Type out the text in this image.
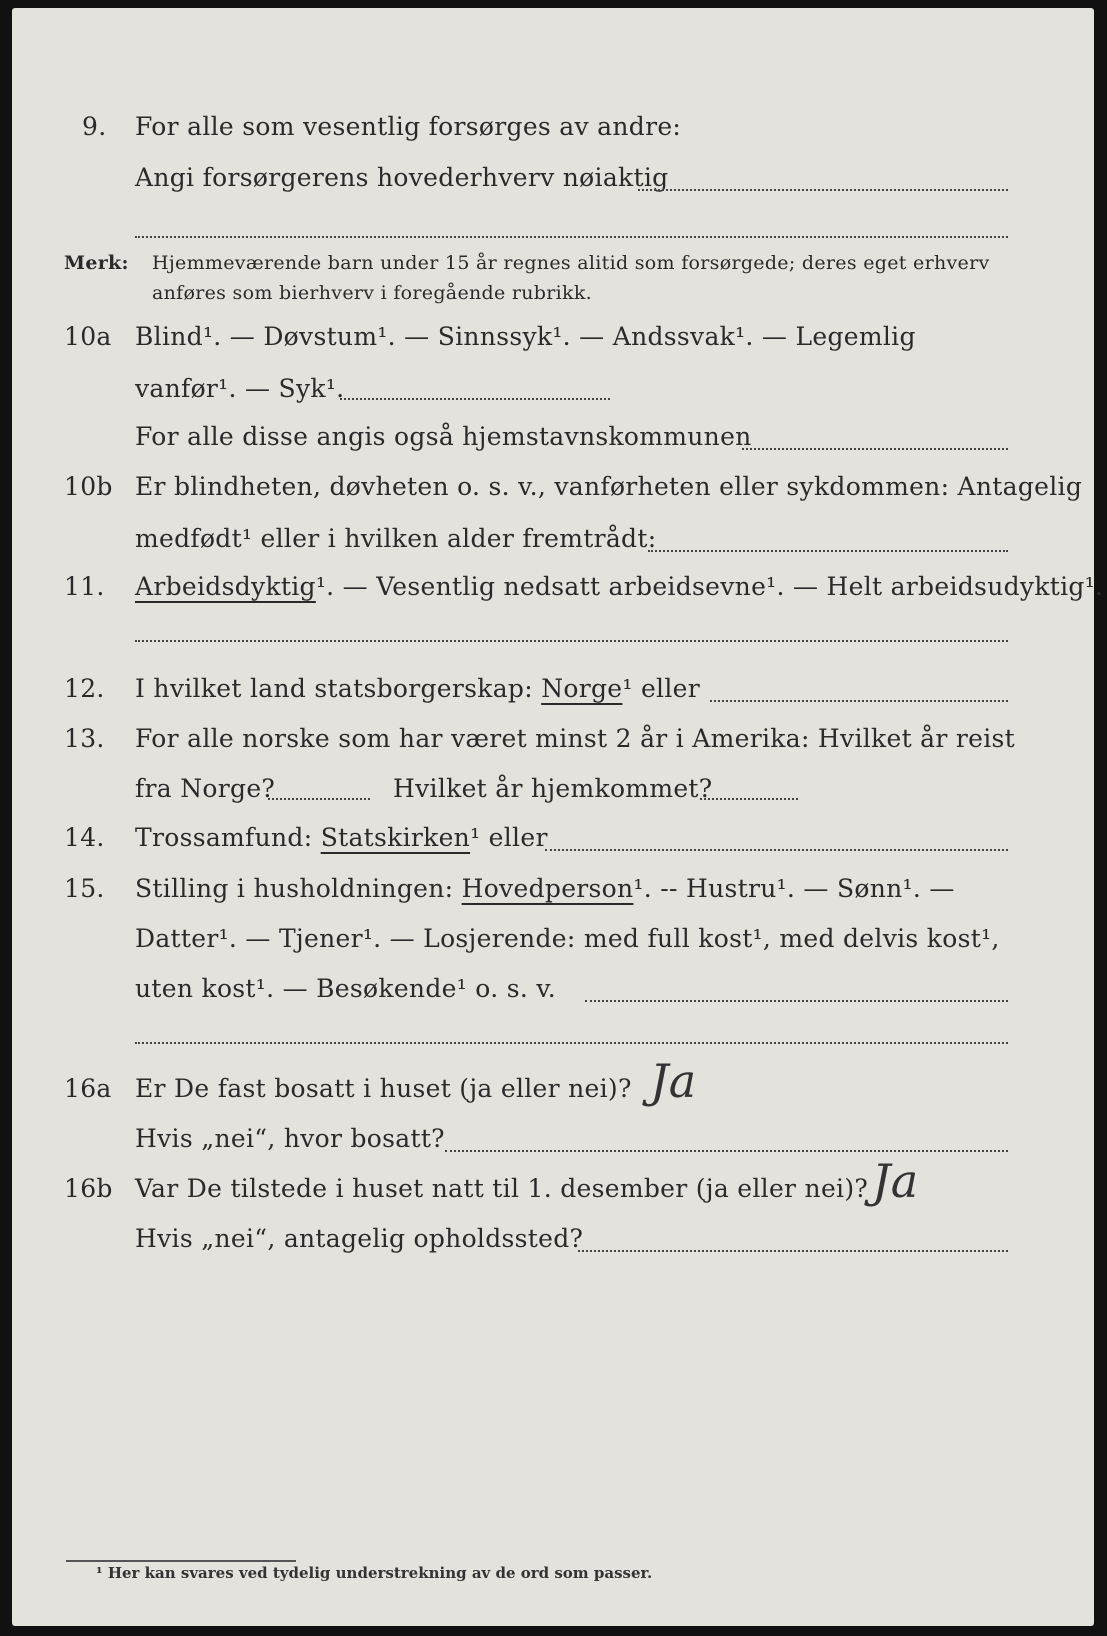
9. For alle som vesentlig forsørges av andre:
Angi forsørgerens hovederhverv nøiaktig
Merk: Hjemmeværende barn under 15 år regnes alitid som forsørgede; deres eget erhverv
anføres som bierhverv i foregående rubrikk.
10a Blind¹. — Døvstum¹. — Sinnssyk¹. — Andssvak¹. — Legemlig
vanfør¹. — Syk¹.
For alle disse angis også hjemstavnskommunen
10b Er blindheten, døvheten o. s. v., vanførheten eller sykdommen: Antagelig
medfødt¹ eller i hvilken alder fremtrådt:
11. Arbeidsdyktig¹. — Vesentlig nedsatt arbeidsevne¹. — Helt arbeidsudyktig¹.
12. I hvilket land statsborgerskap: Norge¹ eller
13. For alle norske som har været minst 2 år i Amerika: Hvilket år reist
fra Norge?	Hvilket år hjemkommet?
14. Trossamfund: Statskirken¹ eller
15. Stilling i husholdningen: Hovedperson¹. -- Hustru¹. — Sønn¹. —
Datter¹. — Tjener¹. — Losjerende: med full kost¹, med delvis kost¹,
uten kost¹. — Besøkende¹ o. s. v.
16a Er De fast bosatt i huset (ja eller nei)? Ja
Hvis „nei“, hvor bosatt?
16b Var De tilstede i huset natt til 1. desember (ja eller nei)? Ja
Hvis „nei“, antagelig opholdssted?
¹ Her kan svares ved tydelig understrekning av de ord som passer.
